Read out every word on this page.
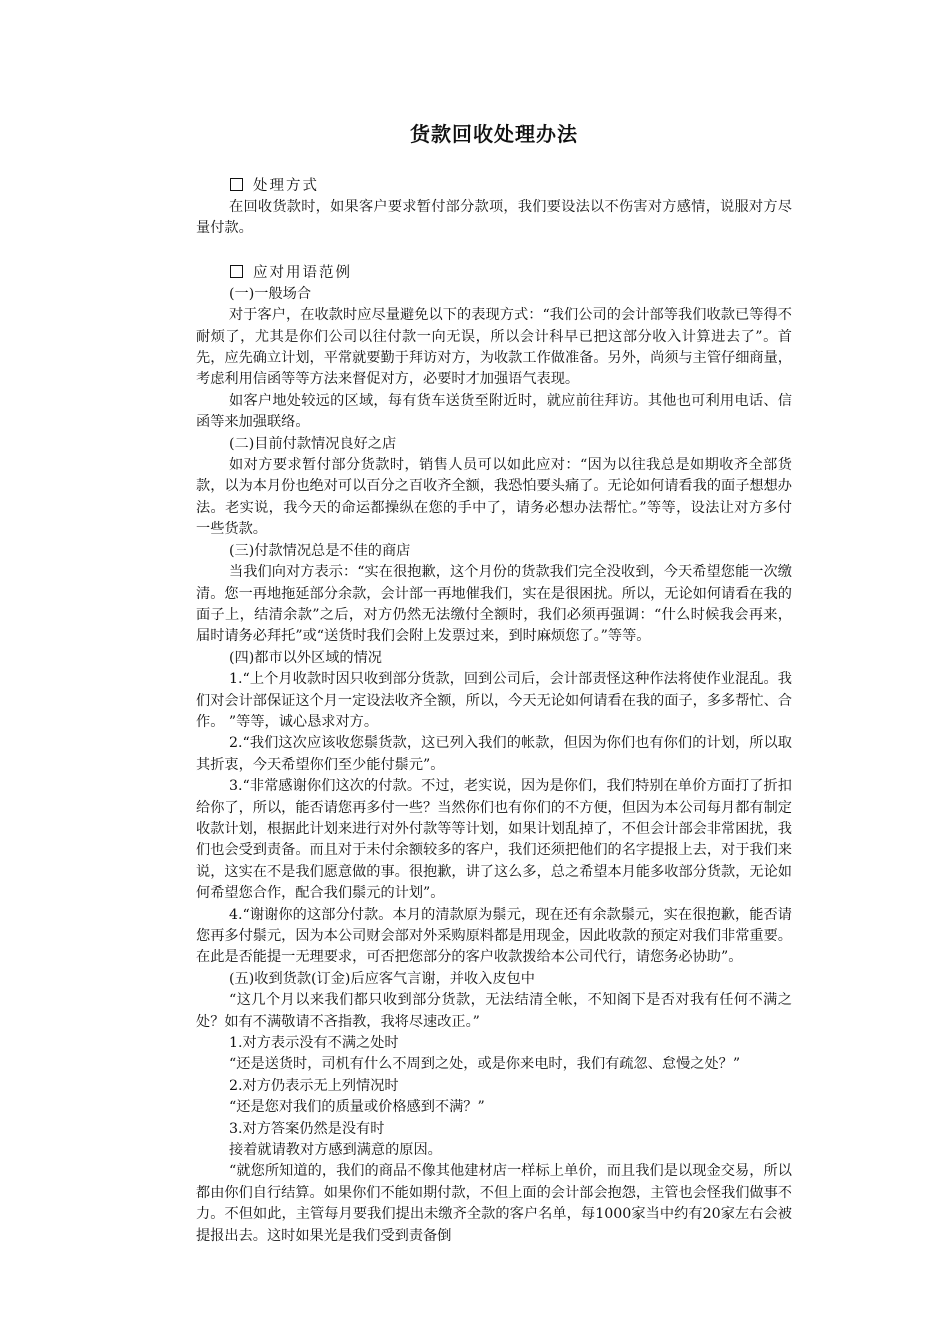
货款回收处理办法

处理方式

在回收货款时，如果客户要求暂付部分款项，我们要设法以不伤害对方感情，说服对方尽量付款。

应对用语范例

(一)一般场合

对于客户，在收款时应尽量避免以下的表现方式：“我们公司的会计部等我们收款已等得不耐烦了，尤其是你们公司以往付款一向无误，所以会计科早已把这部分收入计算进去了”。首先，应先确立计划，平常就要勤于拜访对方，为收款工作做准备。另外，尚须与主管仔细商量，考虑利用信函等等方法来督促对方，必要时才加强语气表现。

如客户地处较远的区域，每有货车送货至附近时，就应前往拜访。其他也可利用电话、信函等来加强联络。

(二)目前付款情况良好之店

如对方要求暂付部分货款时，销售人员可以如此应对：“因为以往我总是如期收齐全部货款，以为本月份也绝对可以百分之百收齐全额，我恐怕要头痛了。无论如何请看我的面子想想办法。老实说，我今天的命运都操纵在您的手中了，请务必想办法帮忙。”等等，设法让对方多付一些货款。

(三)付款情况总是不佳的商店

当我们向对方表示：“实在很抱歉，这个月份的货款我们完全没收到，今天希望您能一次缴清。您一再地拖延部分余款，会计部一再地催我们，实在是很困扰。所以，无论如何请看在我的面子上，结清余款”之后，对方仍然无法缴付全额时，我们必须再强调：“什么时候我会再来，届时请务必拜托”或“送货时我们会附上发票过来，到时麻烦您了。”等等。

(四)都市以外区域的情况

1.“上个月收款时因只收到部分货款，回到公司后，会计部责怪这种作法将使作业混乱。我们对会计部保证这个月一定设法收齐全额，所以，今天无论如何请看在我的面子，多多帮忙、合作。 ”等等，诚心恳求对方。

2.“我们这次应该收您鬃货款，这已列入我们的帐款，但因为你们也有你们的计划，所以取其折衷，今天希望你们至少能付鬃元”。

3.“非常感谢你们这次的付款。不过，老实说，因为是你们，我们特别在单价方面打了折扣给你了，所以，能否请您再多付一些？当然你们也有你们的不方便，但因为本公司每月都有制定收款计划，根据此计划来进行对外付款等等计划，如果计划乱掉了，不但会计部会非常困扰，我们也会受到责备。而且对于未付余额较多的客户，我们还须把他们的名字提报上去，对于我们来说，这实在不是我们愿意做的事。很抱歉，讲了这么多，总之希望本月能多收部分货款，无论如何希望您合作，配合我们鬃元的计划”。

4.“谢谢你的这部分付款。本月的清款原为鬃元，现在还有余款鬃元，实在很抱歉，能否请您再多付鬃元，因为本公司财会部对外采购原料都是用现金，因此收款的预定对我们非常重要。在此是否能提一无理要求，可否把您部分的客户收款拨给本公司代行，请您务必协助”。

(五)收到货款(订金)后应客气言谢，并收入皮包中

“这几个月以来我们都只收到部分货款，无法结清全帐，不知阁下是否对我有任何不满之处？如有不满敬请不吝指教，我将尽速改正。”

1.对方表示没有不满之处时

“还是送货时，司机有什么不周到之处，或是你来电时，我们有疏忽、怠慢之处？”

2.对方仍表示无上列情况时

“还是您对我们的质量或价格感到不满？”

3.对方答案仍然是没有时

接着就请教对方感到满意的原因。

“就您所知道的，我们的商品不像其他建材店一样标上单价，而且我们是以现金交易，所以都由你们自行结算。如果你们不能如期付款，不但上面的会计部会抱怨，主管也会怪我们做事不力。不但如此，主管每月要我们提出未缴齐全款的客户名单，每1000家当中约有20家左右会被提报出去。这时如果光是我们受到责备倒
